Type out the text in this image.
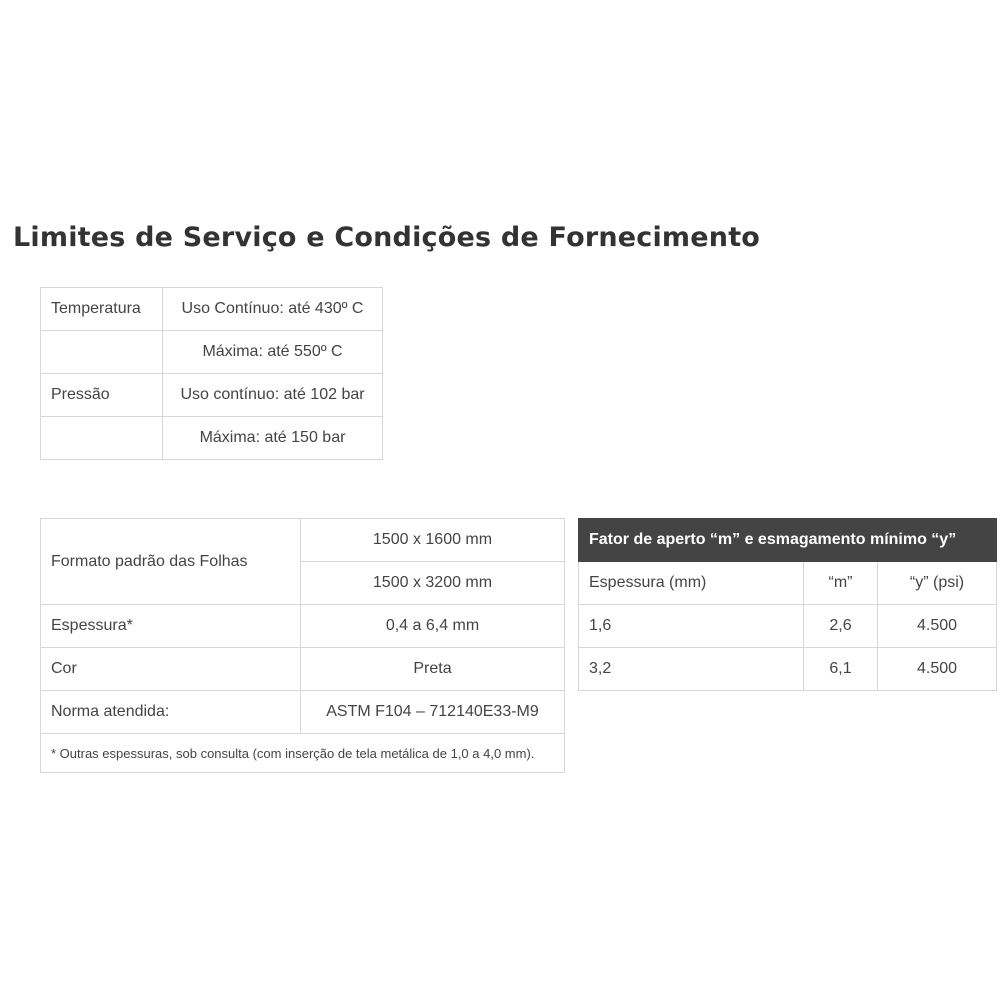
Limites de Serviço e Condições de Fornecimento
Temperatura	Uso Contínuo: até 430º C
	Máxima: até 550º C
Pressão	Uso contínuo: até 102 bar
	Máxima: até 150 bar
Formato padrão das Folhas	1500 x 1600 mm
	1500 x 3200 mm
Espessura*	0,4 a 6,4 mm
Cor	Preta
Norma atendida:	ASTM F104 – 712140E33-M9
* Outras espessuras, sob consulta (com inserção de tela metálica de 1,0 a 4,0 mm).	
Fator de aperto “m” e esmagamento mínimo “y”		
Espessura (mm)	“m”	“y” (psi)
1,6	2,6	4.500
3,2	6,1	4.500
